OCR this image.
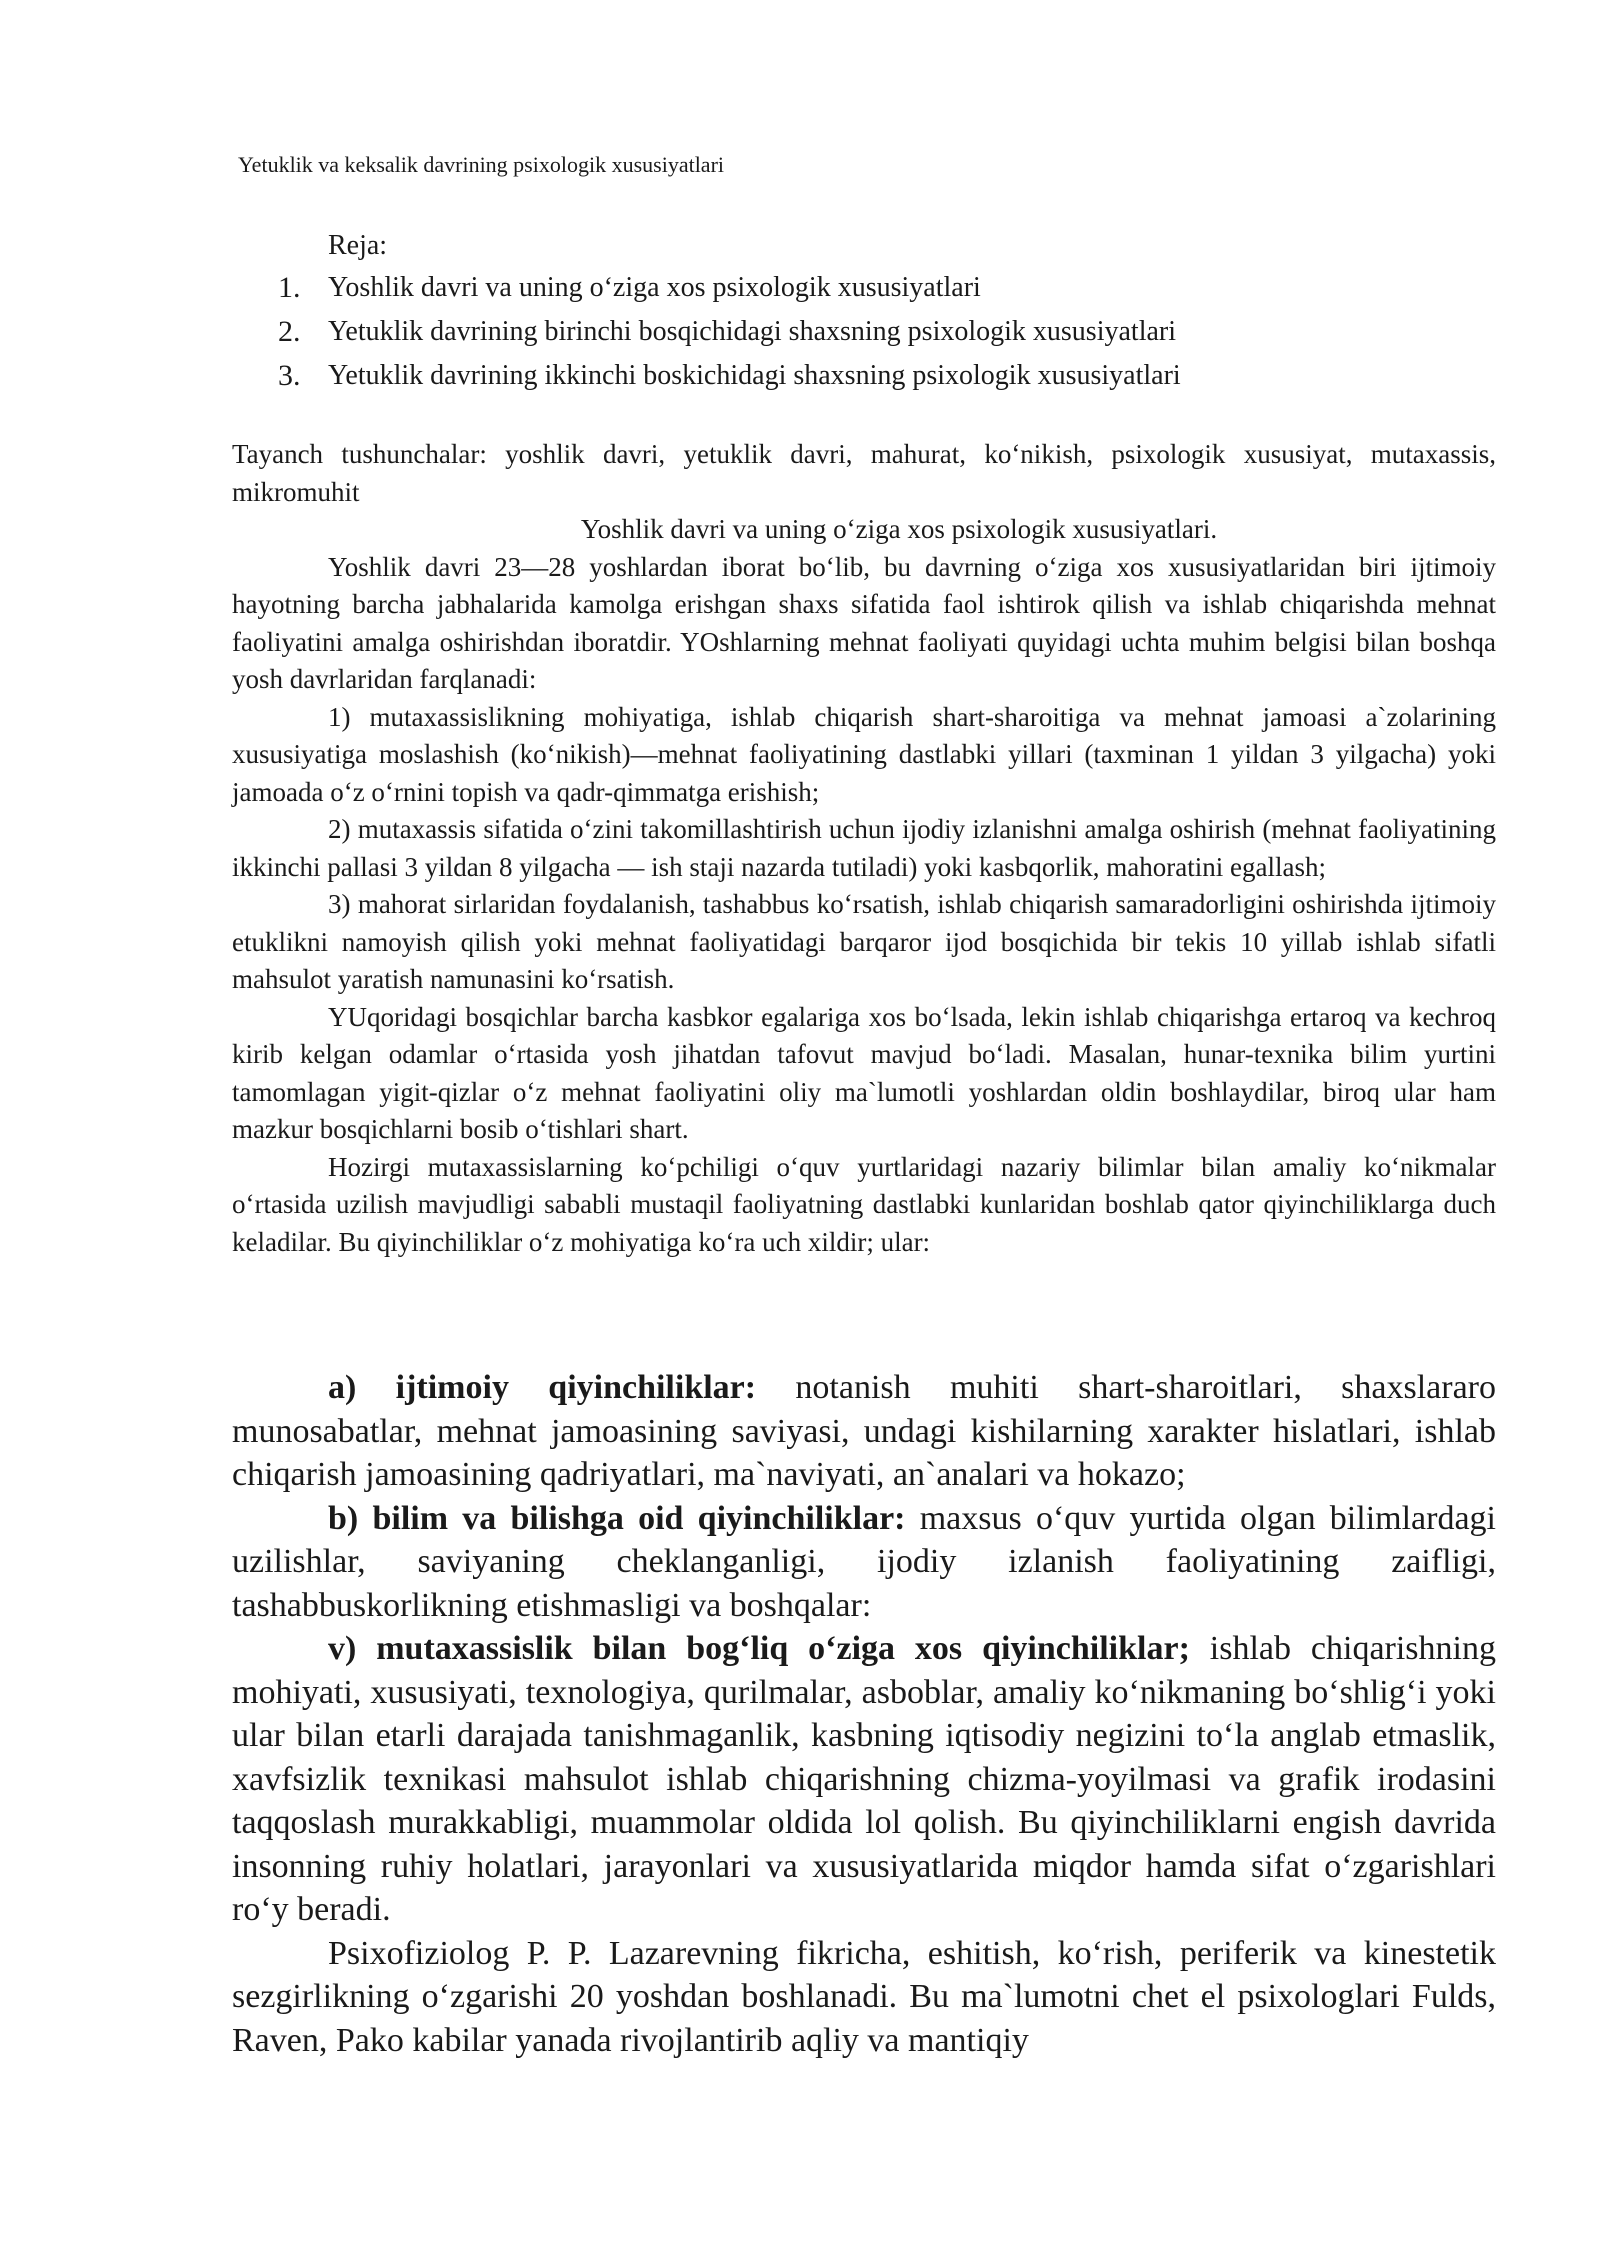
Yetuklik va keksalik davrining psixologik xususiyatlari
Reja:
1. Yoshlik davri va uning o‘ziga xos psixologik xususiyatlari
2. Yetuklik davrining birinchi bosqichidagi shaxsning psixologik xususiyatlari
3. Yetuklik davrining ikkinchi boskichidagi shaxsning psixologik xususiyatlari

Tayanch tushunchalar: yoshlik davri, yetuklik davri, mahurat, ko‘nikish, psixologik xususiyat, mutaxassis, mikromuhit

Yoshlik davri va uning o‘ziga xos psixologik xususiyatlari.

Yoshlik davri 23—28 yoshlardan iborat bo‘lib, bu davrning o‘ziga xos xususiyatlaridan biri ijtimoiy hayotning barcha jabhalarida kamolga erishgan shaxs sifatida faol ishtirok qilish va ishlab chiqarishda mehnat faoliyatini amalga oshirishdan iboratdir. YOshlarning mehnat faoliyati quyidagi uchta muhim belgisi bilan boshqa yosh davrlaridan farqlanadi:

1) mutaxassislikning mohiyatiga, ishlab chiqarish shart-sharoitiga va mehnat jamoasi a`zolarining xususiyatiga moslashish (ko‘nikish)—mehnat faoliyatining dastlabki yillari (taxminan 1 yildan 3 yilgacha) yoki jamoada o‘z o‘rnini topish va qadr-qimmatga erishish;

2) mutaxassis sifatida o‘zini takomillashtirish uchun ijodiy izlanishni amalga oshirish (mehnat faoliyatining ikkinchi pallasi 3 yildan 8 yilgacha — ish staji nazarda tutiladi) yoki kasbqorlik, mahoratini egallash;

3) mahorat sirlaridan foydalanish, tashabbus ko‘rsatish, ishlab chiqarish samaradorligini oshirishda ijtimoiy etuklikni namoyish qilish yoki mehnat faoliyatidagi barqaror ijod bosqichida bir tekis 10 yillab ishlab sifatli mahsulot yaratish namunasini ko‘rsatish.

YUqoridagi bosqichlar barcha kasbkor egalariga xos bo‘lsada, lekin ishlab chiqarishga ertaroq va kechroq kirib kelgan odamlar o‘rtasida yosh jihatdan tafovut mavjud bo‘ladi. Masalan, hunar-texnika bilim yurtini tamomlagan yigit-qizlar o‘z mehnat faoliyatini oliy ma`lumotli yoshlardan oldin boshlaydilar, biroq ular ham mazkur bosqichlarni bosib o‘tishlari shart.

Hozirgi mutaxassislarning ko‘pchiligi o‘quv yurtlaridagi nazariy bilimlar bilan amaliy ko‘nikmalar o‘rtasida uzilish mavjudligi sababli mustaqil faoliyatning dastlabki kunlaridan boshlab qator qiyinchiliklarga duch keladilar. Bu qiyinchiliklar o‘z mohiyatiga ko‘ra uch xildir; ular:

a) ijtimoiy qiyinchiliklar: notanish muhiti shart-sharoitlari, shaxslararo munosabatlar, mehnat jamoasining saviyasi, undagi kishilarning xarakter hislatlari, ishlab chiqarish jamoasining qadriyatlari, ma`naviyati, an`analari va hokazo;

b) bilim va bilishga oid qiyinchiliklar: maxsus o‘quv yurtida olgan bilimlardagi uzilishlar, saviyaning cheklanganligi, ijodiy izlanish faoliyatining zaifligi, tashabbuskorlikning etishmasligi va boshqalar:

v) mutaxassislik bilan bog‘liq o‘ziga xos qiyinchiliklar; ishlab chiqarishning mohiyati, xususiyati, texnologiya, qurilmalar, asboblar, amaliy ko‘nikmaning bo‘shlig‘i yoki ular bilan etarli darajada tanishmaganlik, kasbning iqtisodiy negizini to‘la anglab etmaslik, xavfsizlik texnikasi mahsulot ishlab chiqarishning chizma-yoyilmasi va grafik irodasini taqqoslash murakkabligi, muammolar oldida lol qolish. Bu qiyinchiliklarni engish davrida insonning ruhiy holatlari, jarayonlari va xususiyatlarida miqdor hamda sifat o‘zgarishlari ro‘y beradi.

Psixofiziolog P. P. Lazarevning fikricha, eshitish, ko‘rish, periferik va kinestetik sezgirlikning o‘zgarishi 20 yoshdan boshlanadi. Bu ma`lumotni chet el psixologlari Fulds, Raven, Pako kabilar yanada rivojlantirib aqliy va mantiqiy
